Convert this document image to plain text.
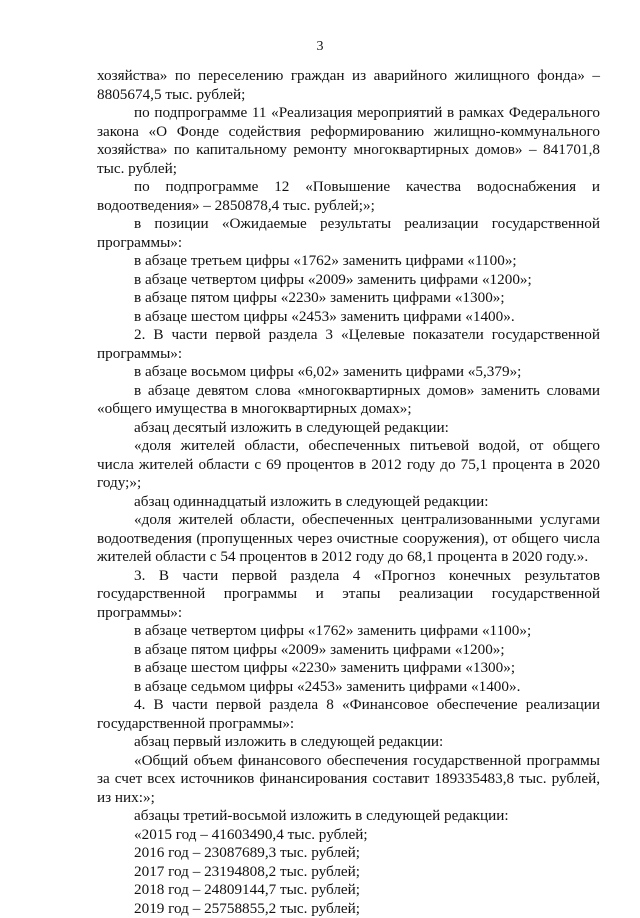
3

хозяйства» по переселению граждан из аварийного жилищного фонда» – 8805674,5 тыс. рублей;

по подпрограмме 11 «Реализация мероприятий в рамках Федерального закона «О Фонде содействия реформированию жилищно-коммунального хозяйства» по капитальному ремонту многоквартирных домов» – 841701,8 тыс. рублей;

по подпрограмме 12 «Повышение качества водоснабжения и водоотведения» – 2850878,4 тыс. рублей;»;

в позиции «Ожидаемые результаты реализации государственной программы»:

в абзаце третьем цифры «1762» заменить цифрами «1100»;

в абзаце четвертом цифры «2009» заменить цифрами «1200»;

в абзаце пятом цифры «2230» заменить цифрами «1300»;

в абзаце шестом цифры «2453» заменить цифрами «1400».

2. В части первой раздела 3 «Целевые показатели государственной программы»:

в абзаце восьмом цифры «6,02» заменить цифрами «5,379»;

в абзаце девятом слова «многоквартирных домов» заменить словами «общего имущества в многоквартирных домах»;

абзац десятый изложить в следующей редакции:

«доля жителей области, обеспеченных питьевой водой, от общего числа жителей области с 69 процентов в 2012 году до 75,1 процента в 2020 году;»;

абзац одиннадцатый изложить в следующей редакции:

«доля жителей области, обеспеченных централизованными услугами водоотведения (пропущенных через очистные сооружения), от общего числа жителей области с 54 процентов в 2012 году до 68,1 процента в 2020 году.».

3. В части первой раздела 4 «Прогноз конечных результатов государственной программы и этапы реализации государственной программы»:

в абзаце четвертом цифры «1762» заменить цифрами «1100»;

в абзаце пятом цифры «2009» заменить цифрами «1200»;

в абзаце шестом цифры «2230» заменить цифрами «1300»;

в абзаце седьмом цифры «2453» заменить цифрами «1400».

4. В части первой раздела 8 «Финансовое обеспечение реализации государственной программы»:

абзац первый изложить в следующей редакции:

«Общий объем финансового обеспечения государственной программы за счет всех источников финансирования составит 189335483,8 тыс. рублей, из них:»;

абзацы третий-восьмой изложить в следующей редакции:

«2015 год – 41603490,4 тыс. рублей;

2016 год – 23087689,3 тыс. рублей;

2017 год – 23194808,2 тыс. рублей;

2018 год – 24809144,7 тыс. рублей;

2019 год – 25758855,2 тыс. рублей;
